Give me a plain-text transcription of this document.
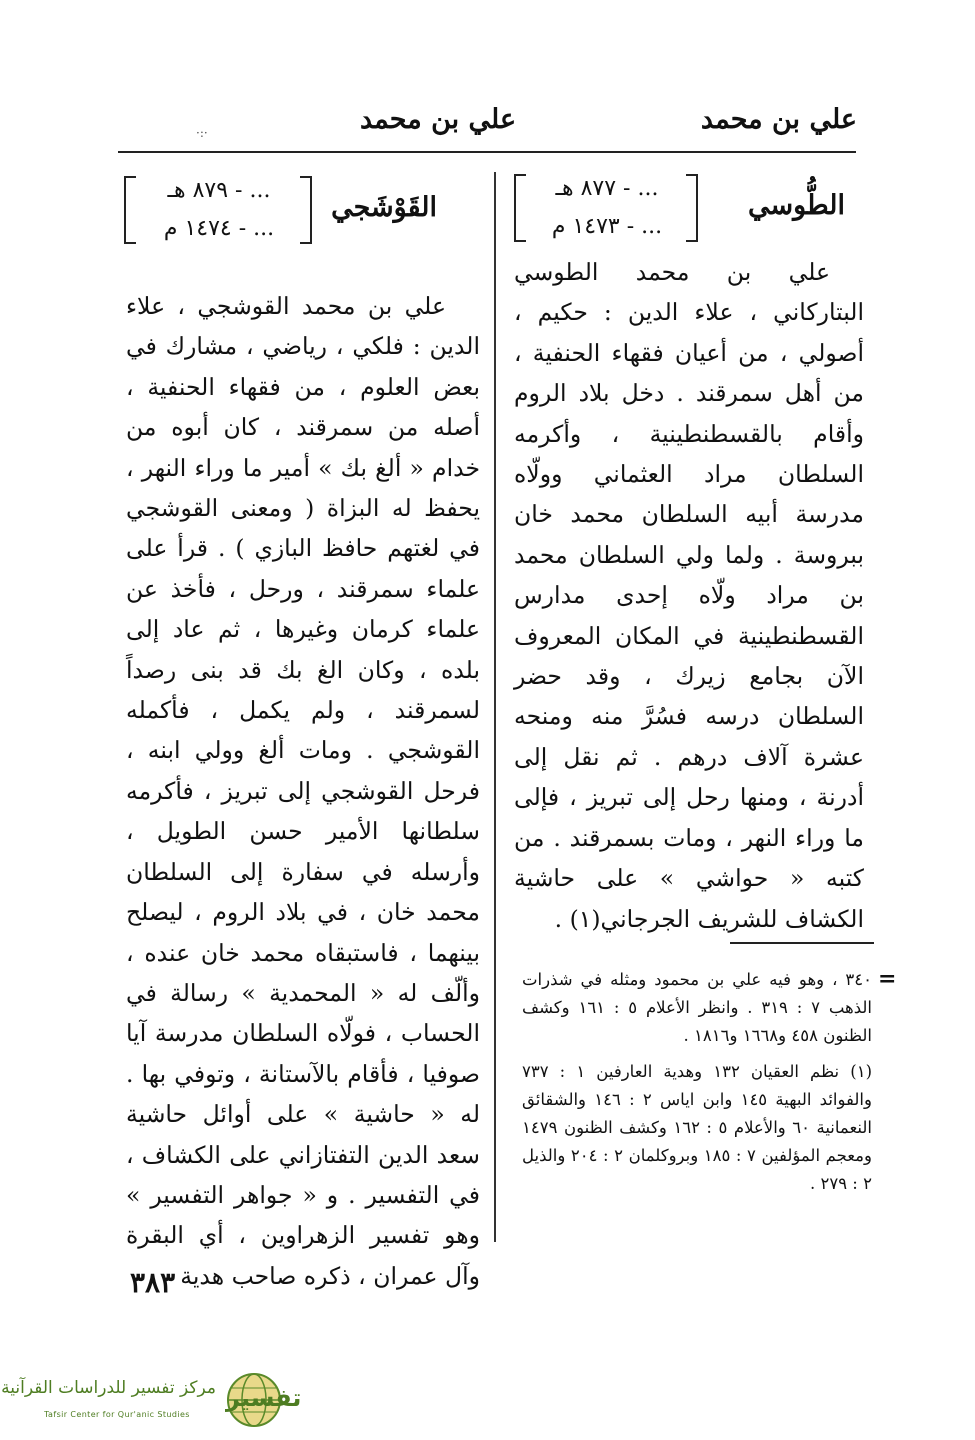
علي بن محمد
علي بن محمد
·:·
الطُّوسي
... - ٨٧٧ هـ
... - ١٤٧٣ م

علي بن محمد الطوسي البتاركاني ، علاء الدين : حكيم ، أصولي ، من أعيان فقهاء الحنفية ، من أهل سمرقند . دخل بلاد الروم وأقام بالقسطنطينية ، وأكرمه السلطان مراد العثماني وولّاه مدرسة أبيه السلطان محمد خان ببروسة . ولما ولي السلطان محمد بن مراد ولّاه إحدى مدارس القسطنطينية في المكان المعروف الآن بجامع زيرك ، وقد حضر السلطان درسه فسُرَّ منه ومنحه عشرة آلاف درهم . ثم نقل إلى أدرنة ، ومنها رحل إلى تبريز ، فإلى ما وراء النهر ، ومات بسمرقند . من كتبه « حواشي » على حاشية الكشاف للشريف الجرجاني(١) .

=

٣٤٠ ، وهو فيه علي بن محمود ومثله في شذرات الذهب ٧ : ٣١٩ . وانظر الأعلام ٥ : ١٦١ وكشف الظنون ٤٥٨ و١٦٦٨ و١٨١٦ .

(١) نظم العقيان ١٣٢ وهدية العارفين ١ : ٧٣٧ والفوائد البهية ١٤٥ وابن اياس ٢ : ١٤٦ والشقائق النعمانية ٦٠ والأعلام ٥ : ١٦٢ وكشف الظنون ١٤٧٩ ومعجم المؤلفين ٧ : ١٨٥ وبروكلمان ٢ : ٢٠٤ والذيل ٢ : ٢٧٩ .

القَوْشَجي
... - ٨٧٩ هـ
... - ١٤٧٤ م

علي بن محمد القوشجي ، علاء الدين : فلكي ، رياضي ، مشارك في بعض العلوم ، من فقهاء الحنفية ، أصله من سمرقند ، كان أبوه من خدام « ألغ بك » أمير ما وراء النهر ، يحفظ له البزاة ( ومعنى القوشجي في لغتهم حافظ البازي ) . قرأ على علماء سمرقند ، ورحل ، فأخذ عن علماء كرمان وغيرها ، ثم عاد إلى بلده ، وكان الغ بك قد بنى رصداً لسمرقند ، ولم يكمل ، فأكمله القوشجي . ومات ألغ وولي ابنه ، فرحل القوشجي إلى تبريز ، فأكرمه سلطانها الأمير حسن الطويل ، وأرسله في سفارة إلى السلطان محمد خان ، في بلاد الروم ، ليصلح بينهما ، فاستبقاه محمد خان عنده ، وألّف له « المحمدية » رسالة في الحساب ، فولّاه السلطان مدرسة آيا صوفيا ، فأقام بالآستانة ، وتوفي بها . له « حاشية » على أوائل حاشية سعد الدين التفتازاني على الكشاف ، في التفسير . و « جواهر التفسير » وهو تفسير الزهراوين ، أي البقرة وآل عمران ، ذكره صاحب هدية

٣٨٣
تفسير
مركز تفسير للدراسات القرآنية
Tafsir Center for Qur'anic Studies
